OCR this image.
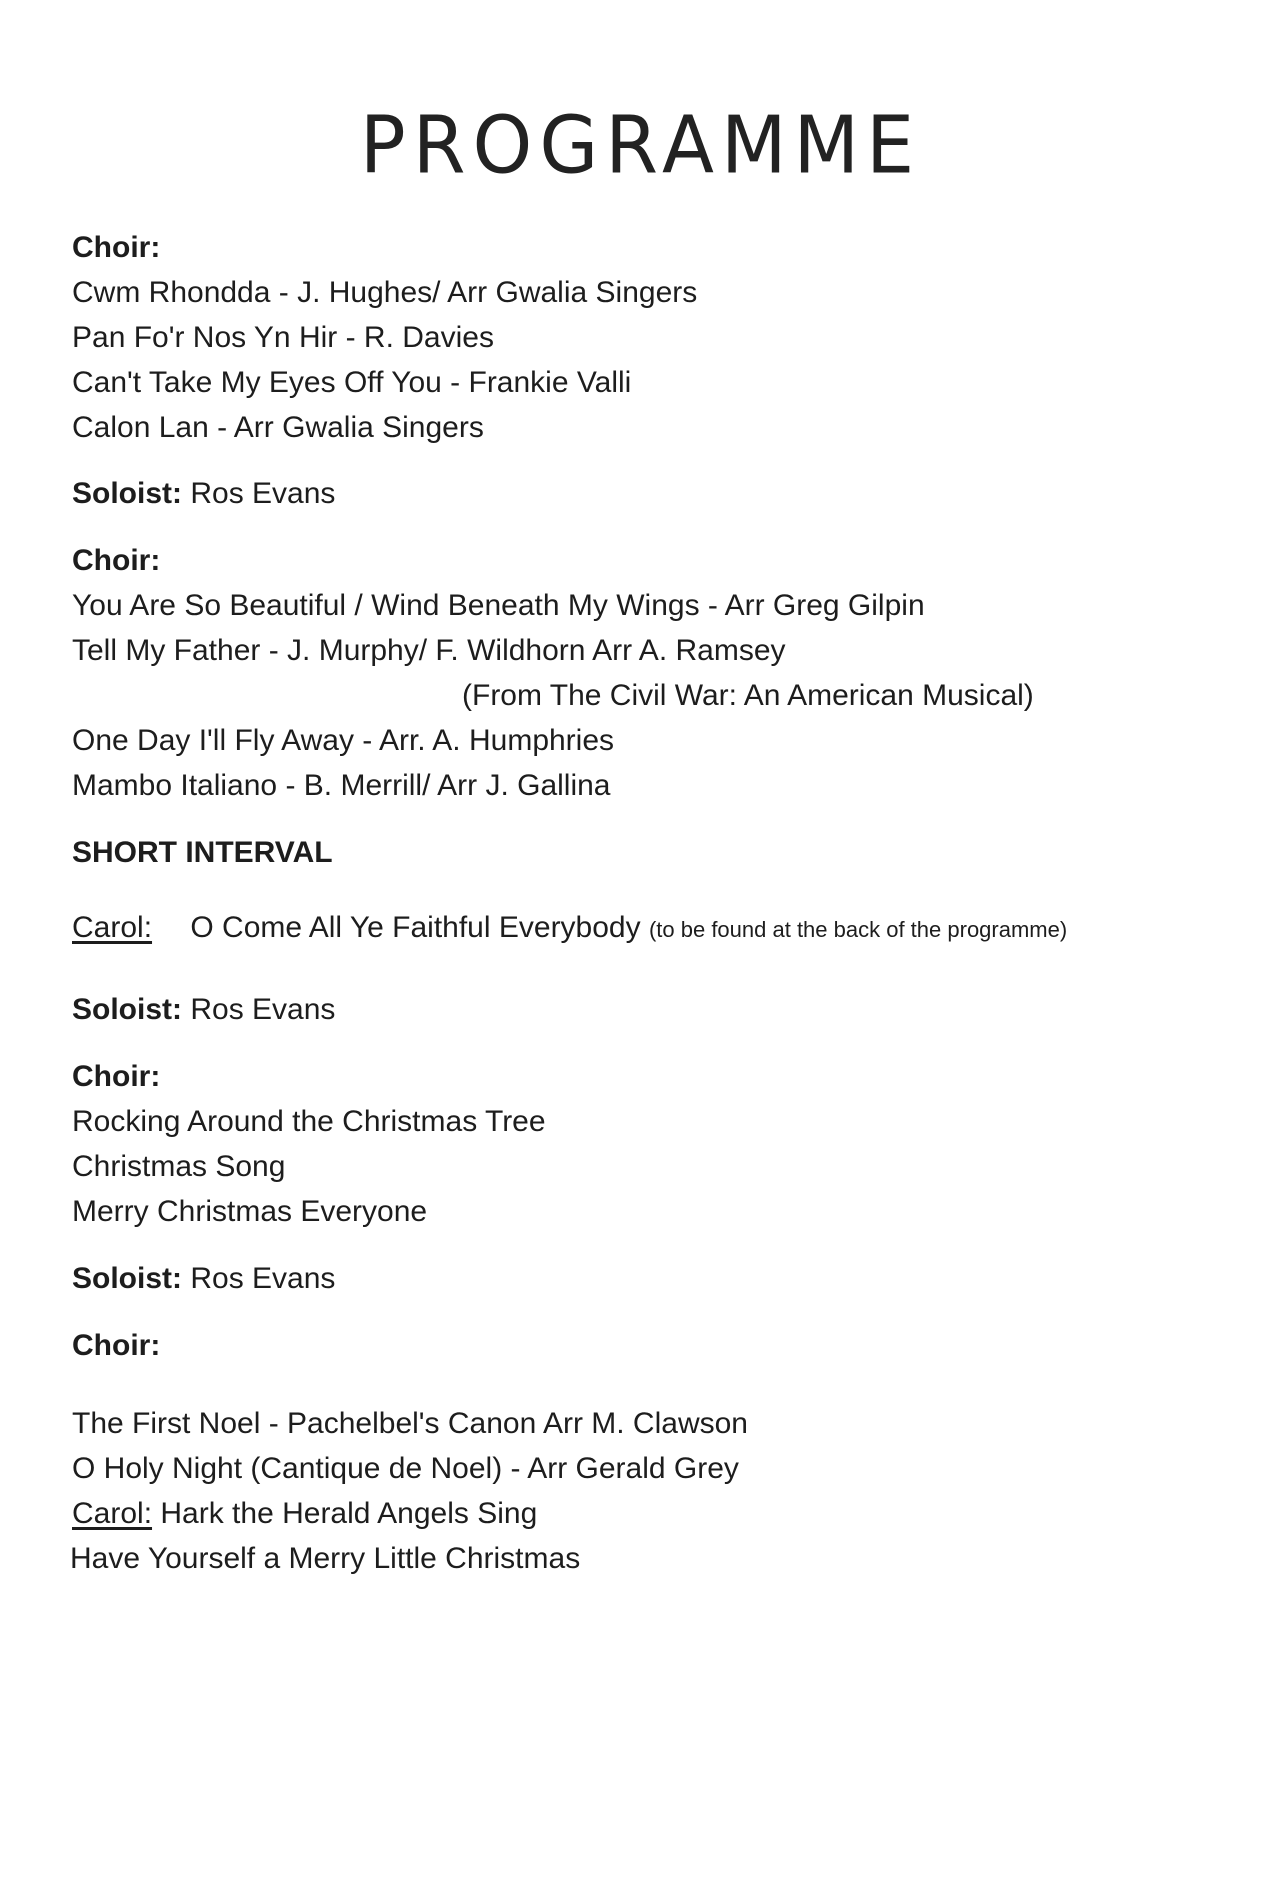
PROGRAMME
Choir:
Cwm Rhondda - J. Hughes/ Arr Gwalia Singers
Pan Fo'r Nos Yn Hir - R. Davies
Can't Take My Eyes Off You - Frankie Valli
Calon Lan - Arr Gwalia Singers
Soloist: Ros Evans
Choir:
You Are So Beautiful / Wind Beneath My Wings - Arr Greg Gilpin
Tell My Father - J. Murphy/ F. Wildhorn Arr A. Ramsey
(From The Civil War: An American Musical)
One Day I'll Fly Away - Arr. A. Humphries
Mambo Italiano - B. Merrill/ Arr J. Gallina
SHORT INTERVAL
Carol: O Come All Ye Faithful Everybody (to be found at the back of the programme)
Soloist: Ros Evans
Choir:
Rocking Around the Christmas Tree
Christmas Song
Merry Christmas Everyone
Soloist: Ros Evans
Choir:
The First Noel - Pachelbel's Canon Arr M. Clawson
O Holy Night (Cantique de Noel) - Arr Gerald Grey
Carol: Hark the Herald Angels Sing
Have Yourself a Merry Little Christmas
